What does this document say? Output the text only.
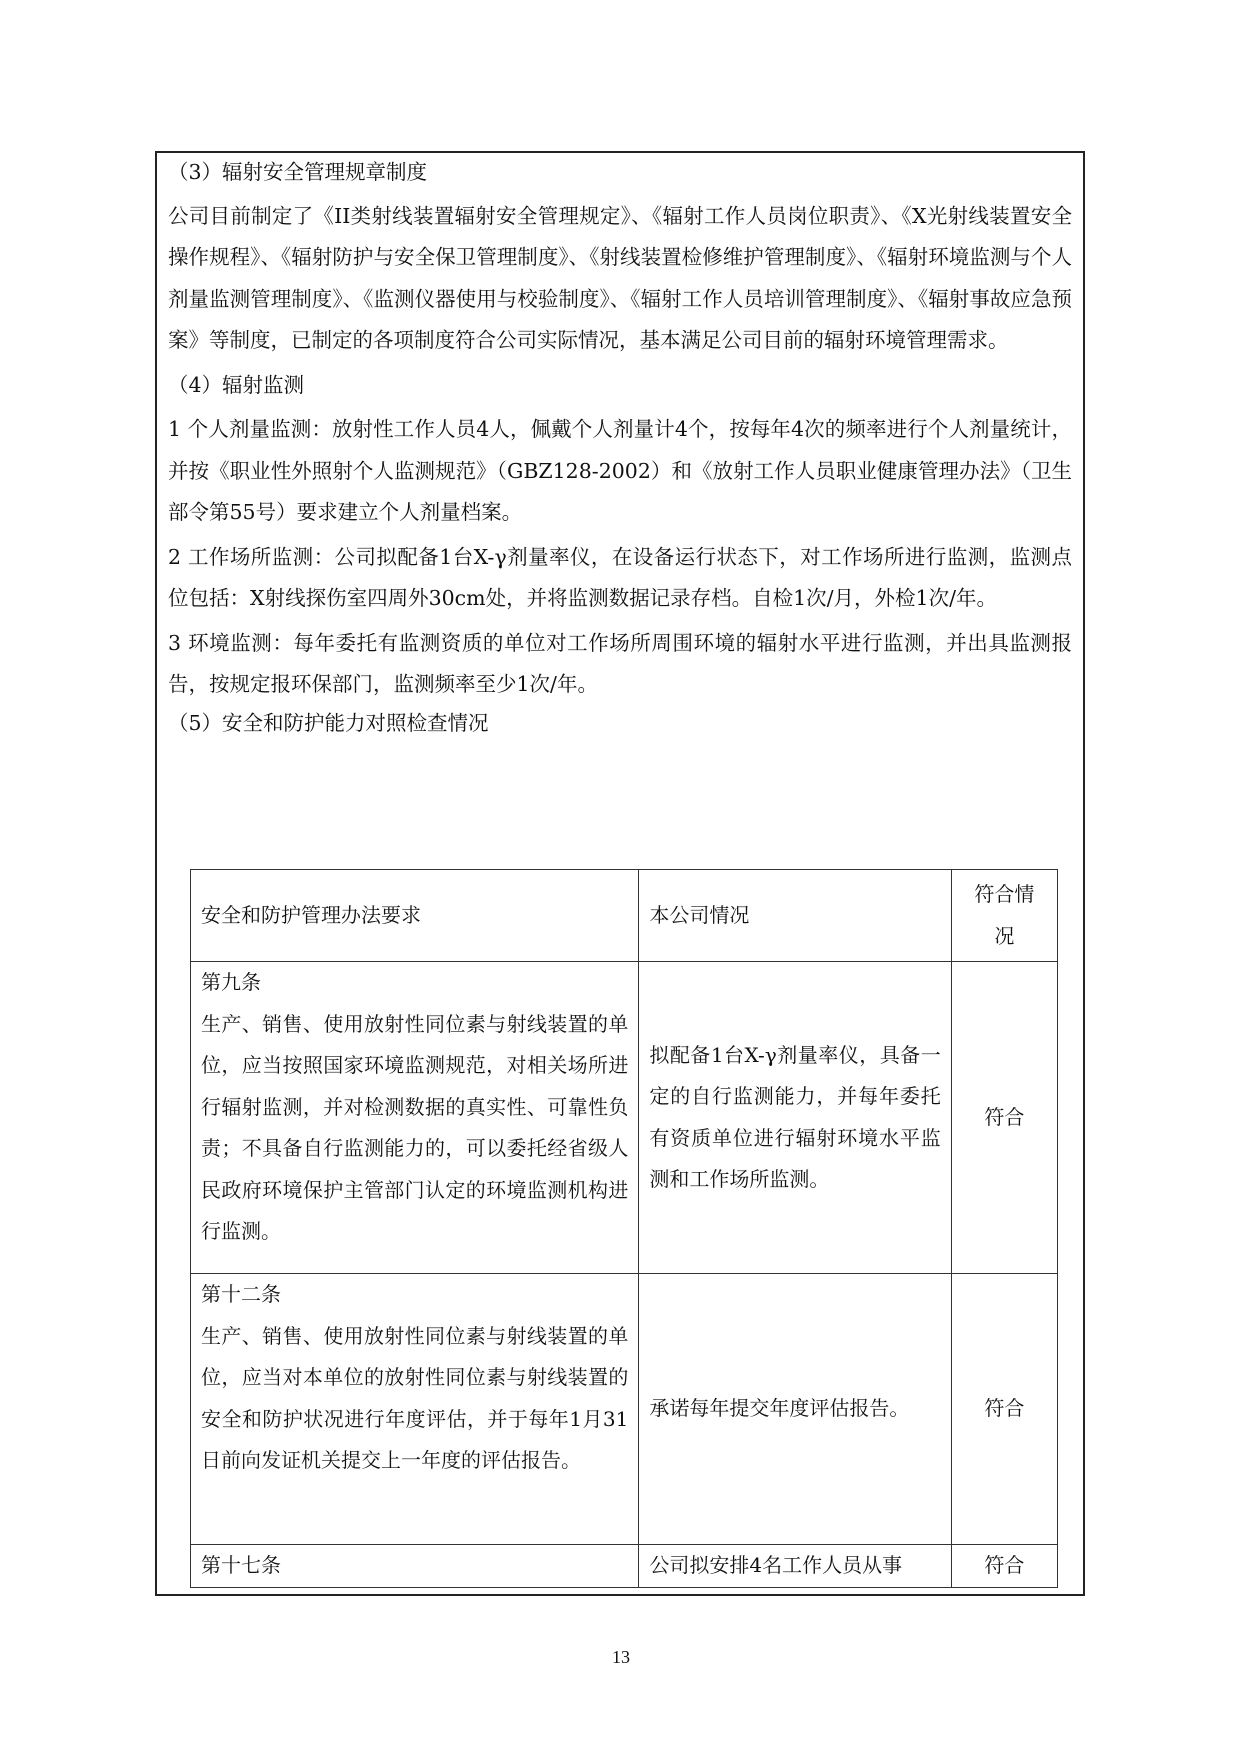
（3）辐射安全管理规章制度

公司目前制定了《II类射线装置辐射安全管理规定》、《辐射工作人员岗位职责》、《X光射线装置安全操作规程》、《辐射防护与安全保卫管理制度》、《射线装置检修维护管理制度》、《辐射环境监测与个人剂量监测管理制度》、《监测仪器使用与校验制度》、《辐射工作人员培训管理制度》、《辐射事故应急预案》等制度，已制定的各项制度符合公司实际情况，基本满足公司目前的辐射环境管理需求。

（4）辐射监测

1 个人剂量监测：放射性工作人员4人，佩戴个人剂量计4个，按每年4次的频率进行个人剂量统计，并按《职业性外照射个人监测规范》（GBZ128-2002）和《放射工作人员职业健康管理办法》（卫生部令第55号）要求建立个人剂量档案。

2 工作场所监测：公司拟配备1台X-γ剂量率仪，在设备运行状态下，对工作场所进行监测，监测点位包括：X射线探伤室四周外30cm处，并将监测数据记录存档。自检1次/月，外检1次/年。

3 环境监测：每年委托有监测资质的单位对工作场所周围环境的辐射水平进行监测，并出具监测报告，按规定报环保部门，监测频率至少1次/年。

（5）安全和防护能力对照检查情况

安全和防护管理办法要求	本公司情况	符合情况

第九条
生产、销售、使用放射性同位素与射线装置的单位，应当按照国家环境监测规范，对相关场所进行辐射监测，并对检测数据的真实性、可靠性负责；不具备自行监测能力的，可以委托经省级人民政府环境保护主管部门认定的环境监测机构进行监测。	拟配备1台X-γ剂量率仪，具备一定的自行监测能力，并每年委托有资质单位进行辐射环境水平监测和工作场所监测。	符合

第十二条
生产、销售、使用放射性同位素与射线装置的单位，应当对本单位的放射性同位素与射线装置的安全和防护状况进行年度评估，并于每年1月31日前向发证机关提交上一年度的评估报告。	承诺每年提交年度评估报告。	符合

第十七条	公司拟安排4名工作人员从事	符合
13
